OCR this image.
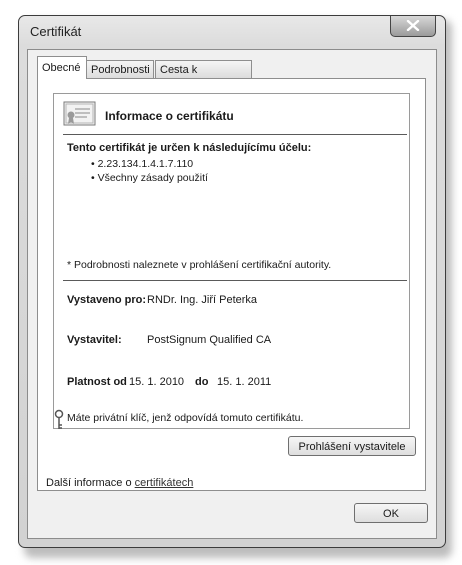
Certifikát
Obecné Podrobnosti Cesta k
Informace o certifikátu
Tento certifikát je určen k následujícímu účelu:
• 2.23.134.1.4.1.7.110
• Všechny zásady použití
* Podrobnosti naleznete v prohlášení certifikační autority.
Vystaveno pro: RNDr. Ing. Jiří Peterka
Vystavitel: PostSignum Qualified CA
Platnost od 15. 1. 2010 do 15. 1. 2011
Máte privátní klíč, jenž odpovídá tomuto certifikátu.
Prohlášení vystavitele
Další informace o certifikátech
OK
